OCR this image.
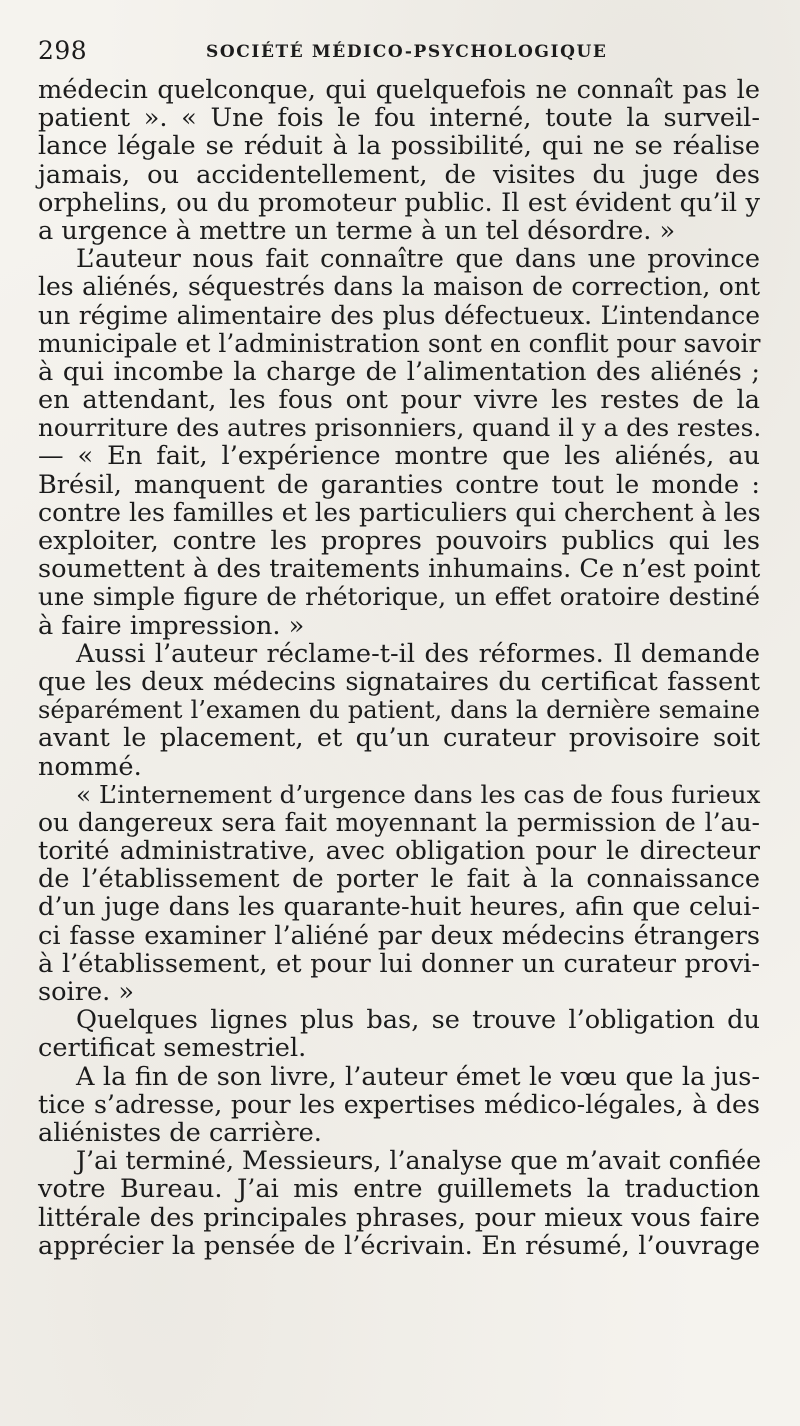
298	SOCIÉTÉ MÉDICO-PSYCHOLOGIQUE
médecin quelconque, qui quelquefois ne connaît pas le
patient ». « Une fois le fou interné, toute la surveil-
lance légale se réduit à la possibilité, qui ne se réalise
jamais, ou accidentellement, de visites du juge des
orphelins, ou du promoteur public. Il est évident qu’il y
a urgence à mettre un terme à un tel désordre. »
L’auteur nous fait connaître que dans une province
les aliénés, séquestrés dans la maison de correction, ont
un régime alimentaire des plus défectueux. L’intendance
municipale et l’administration sont en conflit pour savoir
à qui incombe la charge de l’alimentation des aliénés ;
en attendant, les fous ont pour vivre les restes de la
nourriture des autres prisonniers, quand il y a des restes.
— « En fait, l’expérience montre que les aliénés, au
Brésil, manquent de garanties contre tout le monde :
contre les familles et les particuliers qui cherchent à les
exploiter, contre les propres pouvoirs publics qui les
soumettent à des traitements inhumains. Ce n’est point
une simple figure de rhétorique, un effet oratoire destiné
à faire impression. »
Aussi l’auteur réclame-t-il des réformes. Il demande
que les deux médecins signataires du certificat fassent
séparément l’examen du patient, dans la dernière semaine
avant le placement, et qu’un curateur provisoire soit
nommé.
« L’internement d’urgence dans les cas de fous furieux
ou dangereux sera fait moyennant la permission de l’au-
torité administrative, avec obligation pour le directeur
de l’établissement de porter le fait à la connaissance
d’un juge dans les quarante-huit heures, afin que celui-
ci fasse examiner l’aliéné par deux médecins étrangers
à l’établissement, et pour lui donner un curateur provi-
soire. »
Quelques lignes plus bas, se trouve l’obligation du
certificat semestriel.
A la fin de son livre, l’auteur émet le vœu que la jus-
tice s’adresse, pour les expertises médico-légales, à des
aliénistes de carrière.
J’ai terminé, Messieurs, l’analyse que m’avait confiée
votre Bureau. J’ai mis entre guillemets la traduction
littérale des principales phrases, pour mieux vous faire
apprécier la pensée de l’écrivain. En résumé, l’ouvrage
